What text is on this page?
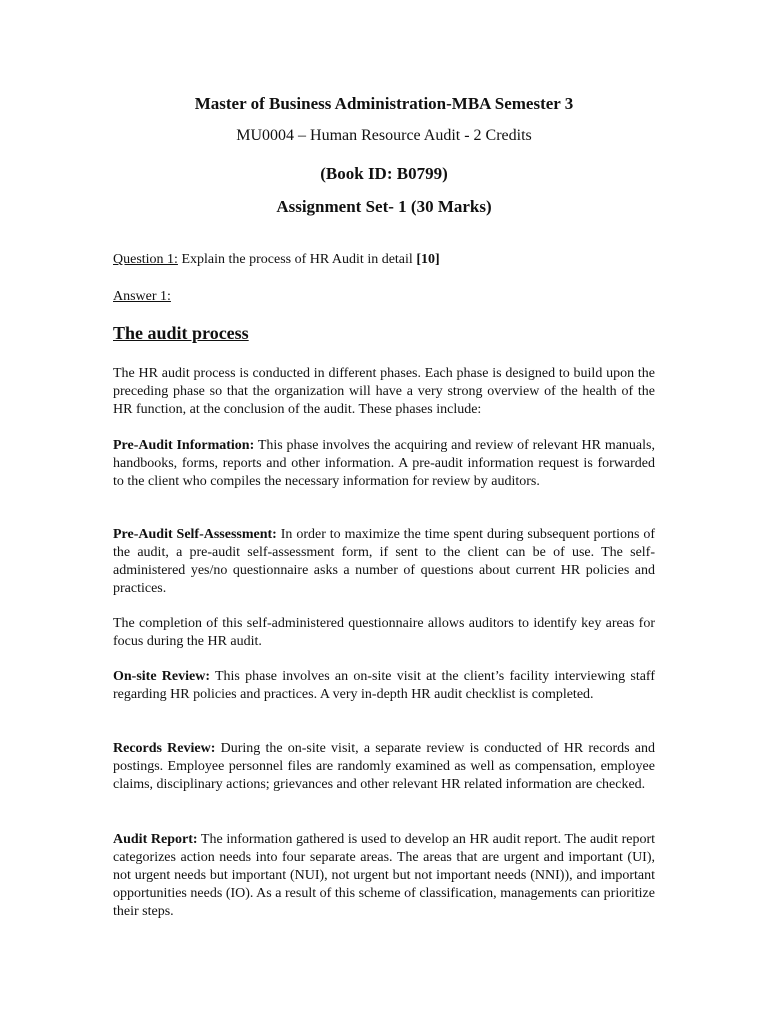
Master of Business Administration-MBA Semester 3
MU0004 – Human Resource Audit - 2 Credits
(Book ID: B0799)
Assignment Set- 1 (30 Marks)
Question 1: Explain the process of HR Audit in detail [10]
Answer 1:
The audit process
The HR audit process is conducted in different phases. Each phase is designed to build upon the preceding phase so that the organization will have a very strong overview of the health of the HR function, at the conclusion of the audit. These phases include:
Pre-Audit Information: This phase involves the acquiring and review of relevant HR manuals, handbooks, forms, reports and other information. A pre-audit information request is forwarded to the client who compiles the necessary information for review by auditors.
Pre-Audit Self-Assessment: In order to maximize the time spent during subsequent portions of the audit, a pre-audit self-assessment form, if sent to the client can be of use. The self-administered yes/no questionnaire asks a number of questions about current HR policies and practices.
The completion of this self-administered questionnaire allows auditors to identify key areas for focus during the HR audit.
On-site Review: This phase involves an on-site visit at the client’s facility interviewing staff regarding HR policies and practices. A very in-depth HR audit checklist is completed.
Records Review: During the on-site visit, a separate review is conducted of HR records and postings. Employee personnel files are randomly examined as well as compensation, employee claims, disciplinary actions; grievances and other relevant HR related information are checked.
Audit Report: The information gathered is used to develop an HR audit report. The audit report categorizes action needs into four separate areas. The areas that are urgent and important (UI), not urgent needs but important (NUI), not urgent but not important needs (NNI)), and important opportunities needs (IO). As a result of this scheme of classification, managements can prioritize their steps.
